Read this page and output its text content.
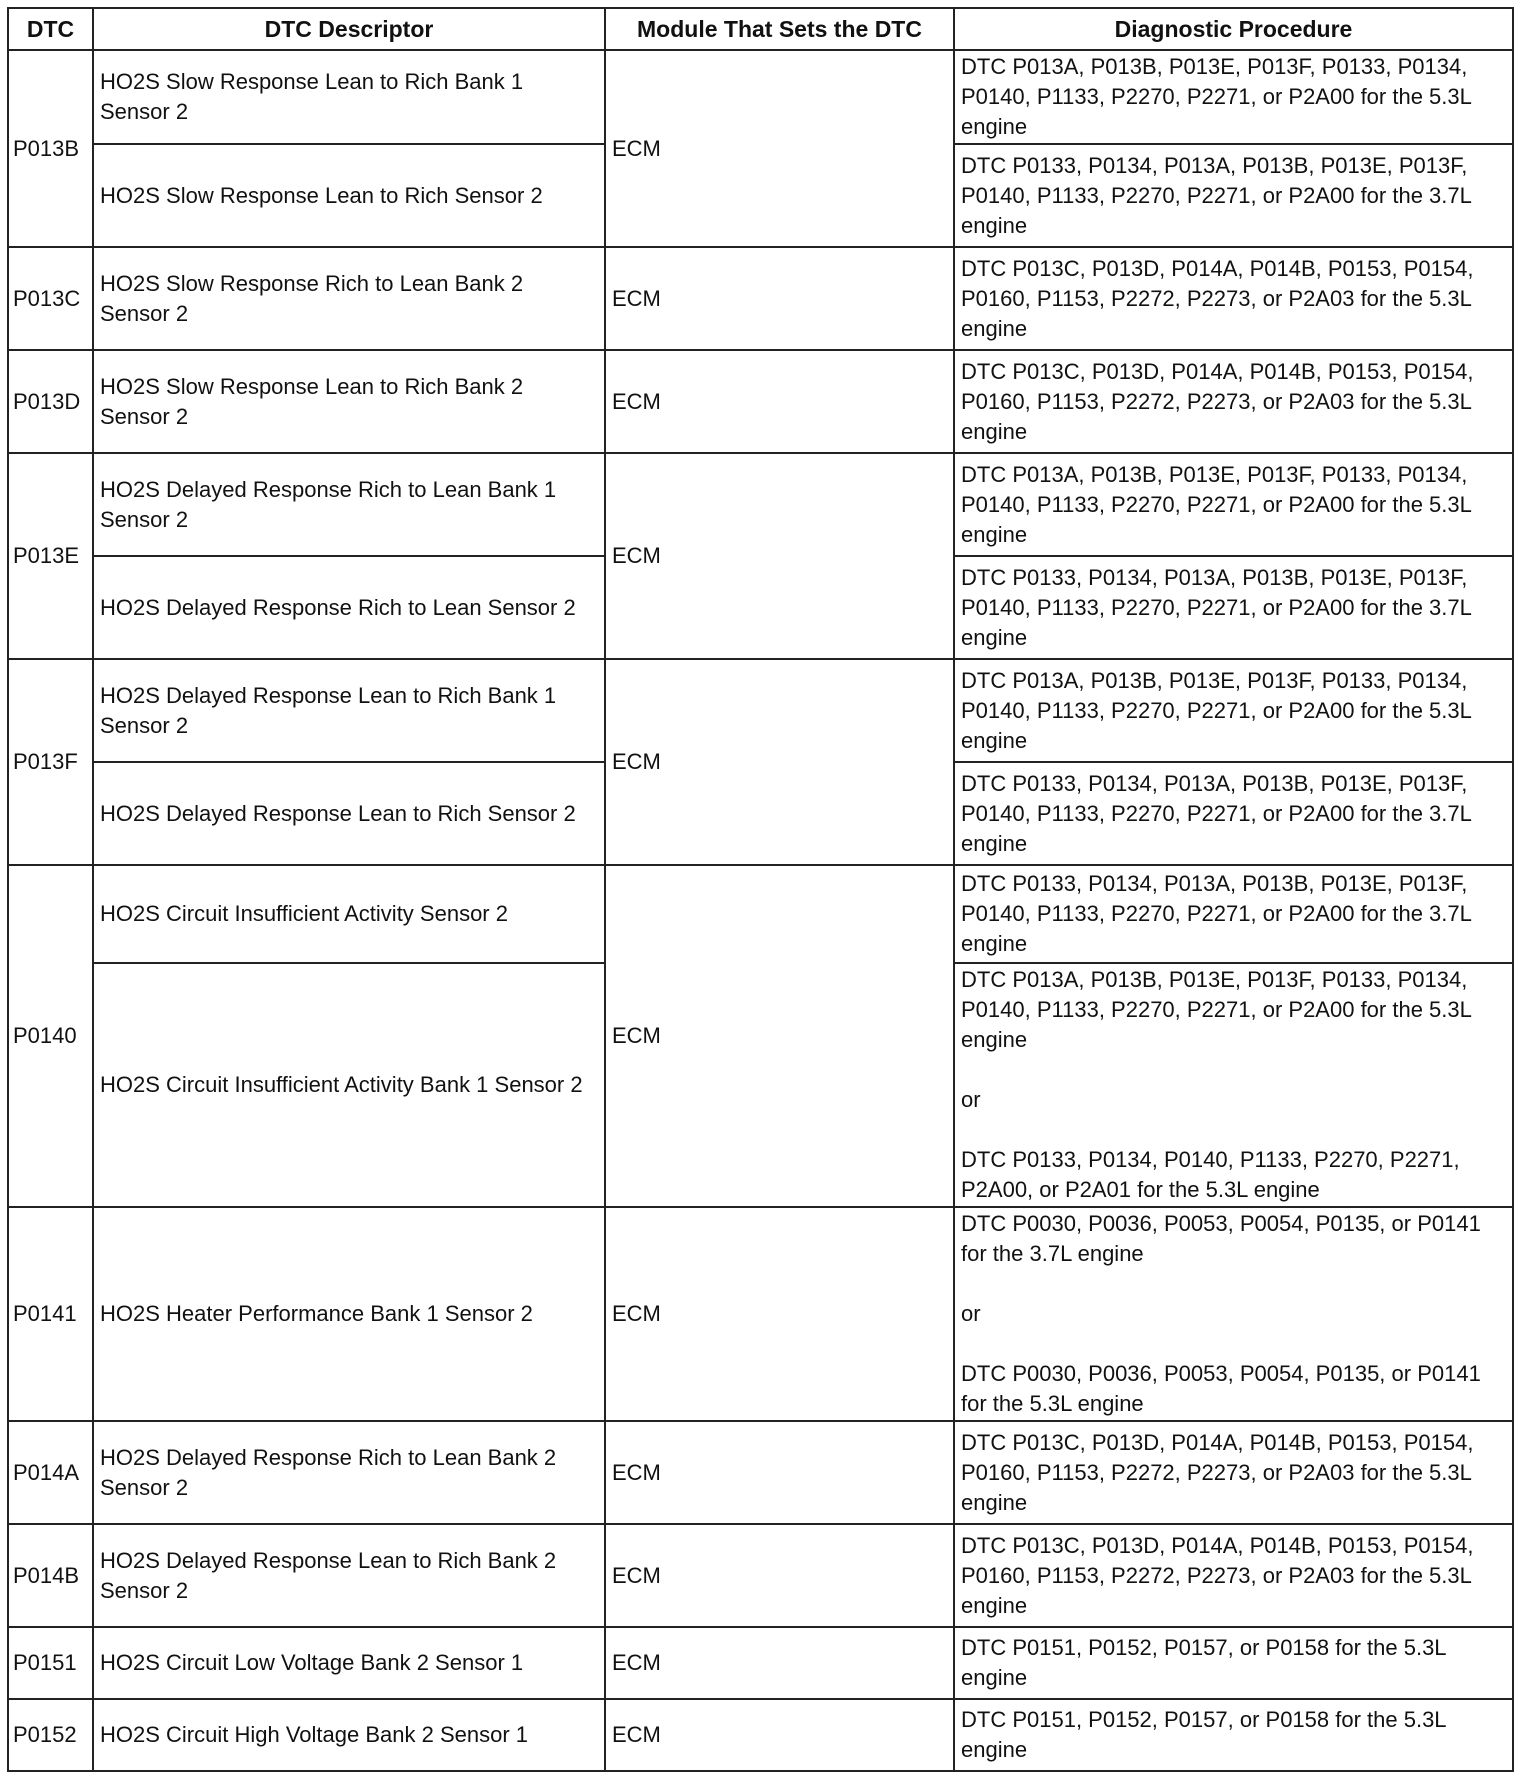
DTC	DTC Descriptor	Module That Sets the DTC	Diagnostic Procedure
P013B	HO2S Slow Response Lean to Rich Bank 1 Sensor 2	ECM	DTC P013A, P013B, P013E, P013F, P0133, P0134, P0140, P1133, P2270, P2271, or P2A00 for the 5.3L engine

	HO2S Slow Response Lean to Rich Sensor 2		DTC P0133, P0134, P013A, P013B, P013E, P013F, P0140, P1133, P2270, P2271, or P2A00 for the 3.7L engine

P013C	HO2S Slow Response Rich to Lean Bank 2 Sensor 2	ECM	DTC P013C, P013D, P014A, P014B, P0153, P0154, P0160, P1153, P2272, P2273, or P2A03 for the 5.3L engine

P013D	HO2S Slow Response Lean to Rich Bank 2 Sensor 2	ECM	DTC P013C, P013D, P014A, P014B, P0153, P0154, P0160, P1153, P2272, P2273, or P2A03 for the 5.3L engine

P013E	HO2S Delayed Response Rich to Lean Bank 1 Sensor 2	ECM	DTC P013A, P013B, P013E, P013F, P0133, P0134, P0140, P1133, P2270, P2271, or P2A00 for the 5.3L engine

	HO2S Delayed Response Rich to Lean Sensor 2		DTC P0133, P0134, P013A, P013B, P013E, P013F, P0140, P1133, P2270, P2271, or P2A00 for the 3.7L engine

P013F	HO2S Delayed Response Lean to Rich Bank 1 Sensor 2	ECM	DTC P013A, P013B, P013E, P013F, P0133, P0134, P0140, P1133, P2270, P2271, or P2A00 for the 5.3L engine

	HO2S Delayed Response Lean to Rich Sensor 2		DTC P0133, P0134, P013A, P013B, P013E, P013F, P0140, P1133, P2270, P2271, or P2A00 for the 3.7L engine

P0140	HO2S Circuit Insufficient Activity Sensor 2	ECM	DTC P0133, P0134, P013A, P013B, P013E, P013F, P0140, P1133, P2270, P2271, or P2A00 for the 3.7L engine

	HO2S Circuit Insufficient Activity Bank 1 Sensor 2		DTC P013A, P013B, P013E, P013F, P0133, P0134, P0140, P1133, P2270, P2271, or P2A00 for the 5.3L engine

or

DTC P0133, P0134, P0140, P1133, P2270, P2271, P2A00, or P2A01 for the 5.3L engine

P0141	HO2S Heater Performance Bank 1 Sensor 2	ECM	DTC P0030, P0036, P0053, P0054, P0135, or P0141 for the 3.7L engine

or

DTC P0030, P0036, P0053, P0054, P0135, or P0141 for the 5.3L engine

P014A	HO2S Delayed Response Rich to Lean Bank 2 Sensor 2	ECM	DTC P013C, P013D, P014A, P014B, P0153, P0154, P0160, P1153, P2272, P2273, or P2A03 for the 5.3L engine

P014B	HO2S Delayed Response Lean to Rich Bank 2 Sensor 2	ECM	DTC P013C, P013D, P014A, P014B, P0153, P0154, P0160, P1153, P2272, P2273, or P2A03 for the 5.3L engine

P0151	HO2S Circuit Low Voltage Bank 2 Sensor 1	ECM	DTC P0151, P0152, P0157, or P0158 for the 5.3L engine

P0152	HO2S Circuit High Voltage Bank 2 Sensor 1	ECM	DTC P0151, P0152, P0157, or P0158 for the 5.3L engine
